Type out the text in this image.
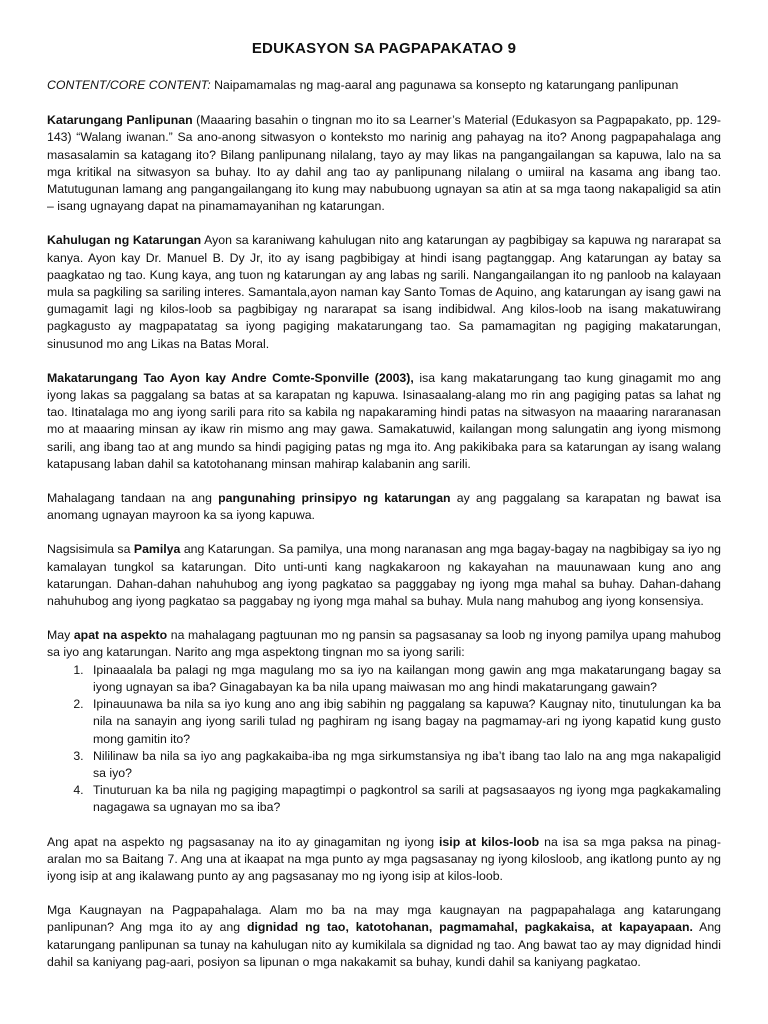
EDUKASYON SA PAGPAPAKATAO 9

CONTENT/CORE CONTENT: Naipamamalas ng mag-aaral ang pagunawa sa konsepto ng katarungang panlipunan

Katarungang Panlipunan (Maaaring basahin o tingnan mo ito sa Learner’s Material (Edukasyon sa Pagpapakato, pp. 129-143) “Walang iwanan.” Sa ano-anong sitwasyon o konteksto mo narinig ang pahayag na ito? Anong pagpapahalaga ang masasalamin sa katagang ito? Bilang panlipunang nilalang, tayo ay may likas na pangangailangan sa kapuwa, lalo na sa mga kritikal na sitwasyon sa buhay. Ito ay dahil ang tao ay panlipunang nilalang o umiiral na kasama ang ibang tao. Matutugunan lamang ang pangangailangang ito kung may nabubuong ugnayan sa atin at sa mga taong nakapaligid sa atin – isang ugnayang dapat na pinamamayanihan ng katarungan.

Kahulugan ng Katarungan Ayon sa karaniwang kahulugan nito ang katarungan ay pagbibigay sa kapuwa ng nararapat sa kanya. Ayon kay Dr. Manuel B. Dy Jr, ito ay isang pagbibigay at hindi isang pagtanggap. Ang katarungan ay batay sa paagkatao ng tao. Kung kaya, ang tuon ng katarungan ay ang labas ng sarili. Nangangailangan ito ng panloob na kalayaan mula sa pagkiling sa sariling interes. Samantala,ayon naman kay Santo Tomas de Aquino, ang katarungan ay isang gawi na gumagamit lagi ng kilos-loob sa pagbibigay ng nararapat sa isang indibidwal. Ang kilos-loob na isang makatuwirang pagkagusto ay magpapatatag sa iyong pagiging makatarungang tao. Sa pamamagitan ng pagiging makatarungan, sinusunod mo ang Likas na Batas Moral.

Makatarungang Tao Ayon kay Andre Comte-Sponville (2003), isa kang makatarungang tao kung ginagamit mo ang iyong lakas sa paggalang sa batas at sa karapatan ng kapuwa. Isinasaalang-alang mo rin ang pagiging patas sa lahat ng tao. Itinatalaga mo ang iyong sarili para rito sa kabila ng napakaraming hindi patas na sitwasyon na maaaring nararanasan mo at maaaring minsan ay ikaw rin mismo ang may gawa. Samakatuwid, kailangan mong salungatin ang iyong mismong sarili, ang ibang tao at ang mundo sa hindi pagiging patas ng mga ito. Ang pakikibaka para sa katarungan ay isang walang katapusang laban dahil sa katotohanang minsan mahirap kalabanin ang sarili.

Mahalagang tandaan na ang pangunahing prinsipyo ng katarungan ay ang paggalang sa karapatan ng bawat isa anomang ugnayan mayroon ka sa iyong kapuwa.

Nagsisimula sa Pamilya ang Katarungan. Sa pamilya, una mong naranasan ang mga bagay-bagay na nagbibigay sa iyo ng kamalayan tungkol sa katarungan. Dito unti-unti kang nagkakaroon ng kakayahan na mauunawaan kung ano ang katarungan. Dahan-dahan nahuhubog ang iyong pagkatao sa pagggabay ng iyong mga mahal sa buhay. Dahan-dahang nahuhubog ang iyong pagkatao sa paggabay ng iyong mga mahal sa buhay. Mula nang mahubog ang iyong konsensiya.

May apat na aspekto na mahalagang pagtuunan mo ng pansin sa pagsasanay sa loob ng inyong pamilya upang mahubog sa iyo ang katarungan. Narito ang mga aspektong tingnan mo sa iyong sarili:

1. Ipinaaalala ba palagi ng mga magulang mo sa iyo na kailangan mong gawin ang mga makatarungang bagay sa iyong ugnayan sa iba? Ginagabayan ka ba nila upang maiwasan mo ang hindi makatarungang gawain?
2. Ipinauunawa ba nila sa iyo kung ano ang ibig sabihin ng paggalang sa kapuwa? Kaugnay nito, tinutulungan ka ba nila na sanayin ang iyong sarili tulad ng paghiram ng isang bagay na pagmamay-ari ng iyong kapatid kung gusto mong gamitin ito?
3. Nililinaw ba nila sa iyo ang pagkakaiba-iba ng mga sirkumstansiya ng iba’t ibang tao lalo na ang mga nakapaligid sa iyo?
4. Tinuturuan ka ba nila ng pagiging mapagtimpi o pagkontrol sa sarili at pagsasaayos ng iyong mga pagkakamaling nagagawa sa ugnayan mo sa iba?

Ang apat na aspekto ng pagsasanay na ito ay ginagamitan ng iyong isip at kilos-loob na isa sa mga paksa na pinag-aralan mo sa Baitang 7. Ang una at ikaapat na mga punto ay mga pagsasanay ng iyong kilosloob, ang ikatlong punto ay ng iyong isip at ang ikalawang punto ay ang pagsasanay mo ng iyong isip at kilos-loob.

Mga Kaugnayan na Pagpapahalaga. Alam mo ba na may mga kaugnayan na pagpapahalaga ang katarungang panlipunan? Ang mga ito ay ang dignidad ng tao, katotohanan, pagmamahal, pagkakaisa, at kapayapaan. Ang katarungang panlipunan sa tunay na kahulugan nito ay kumikilala sa dignidad ng tao. Ang bawat tao ay may dignidad hindi dahil sa kaniyang pag-aari, posiyon sa lipunan o mga nakakamit sa buhay, kundi dahil sa kaniyang pagkatao.
